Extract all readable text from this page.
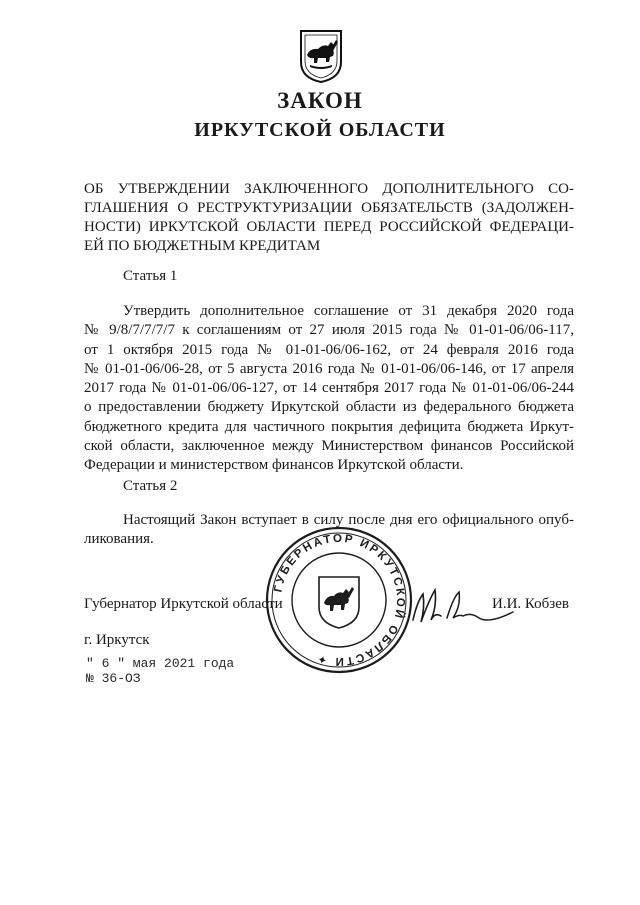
ЗАКОН
ИРКУТСКОЙ ОБЛАСТИ
ОБ УТВЕРЖДЕНИИ ЗАКЛЮЧЕННОГО ДОПОЛНИТЕЛЬНОГО СО-
ГЛАШЕНИЯ О РЕСТРУКТУРИЗАЦИИ ОБЯЗАТЕЛЬСТВ (ЗАДОЛЖЕН-
НОСТИ) ИРКУТСКОЙ ОБЛАСТИ ПЕРЕД РОССИЙСКОЙ ФЕДЕРАЦИ-
ЕЙ ПО БЮДЖЕТНЫМ КРЕДИТАМ
Статья 1
Утвердить дополнительное соглашение от 31 декабря 2020 года
№ 9/8/7/7/7/7 к соглашениям от 27 июля 2015 года № 01-01-06/06-117,
от 1 октября 2015 года № 01-01-06/06-162, от 24 февраля 2016 года
№ 01-01-06/06-28, от 5 августа 2016 года № 01-01-06/06-146, от 17 апреля
2017 года № 01-01-06/06-127, от 14 сентября 2017 года № 01-01-06/06-244
о предоставлении бюджету Иркутской области из федерального бюджета
бюджетного кредита для частичного покрытия дефицита бюджета Иркут-
ской области, заключенное между Министерством финансов Российской
Федерации и министерством финансов Иркутской области.
Статья 2
Настоящий Закон вступает в силу после дня его официального опуб-
ликования.
Губернатор Иркутской области
ГУБЕРНАТОР ИРКУТСКОЙ ОБЛАСТИ ✦
И.И. Кобзев
г. Иркутск
" 6 " мая 2021 года
№ 36-ОЗ
